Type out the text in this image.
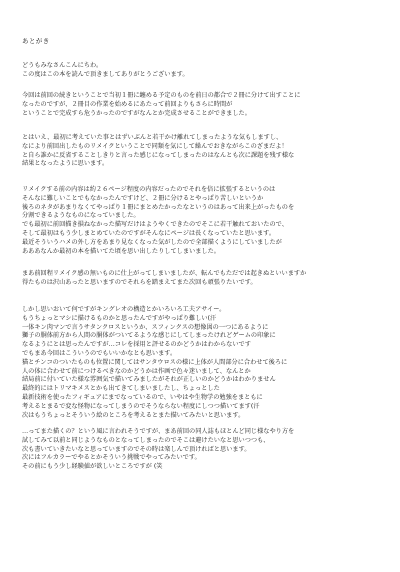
あとがき

どうもみなさんこんにちわ。

この度はこの本を読んで頂きましてありがとうございます。

今回は前回の続きということで当初１冊に纏める予定のものを前日の都合で２冊に分けて出すことに

なったのですが、２冊目の作業を始めるにあたって前回よりもさらに時間が

ということで完成すら危うかったのですがなんとか完成させることができました。

とはいえ、最初に考えていた事とはずいぶんと若干かけ離れてしまったような気もしますし、

なにより前回出したものリメイクということで同類を気にして繰んでおきながらこのざまだよ！

と自ら誰かに反省することしきりと言った感じになってしまったのはなんとも次に課題を残す様な

結果となったように思います。

リメイクする前の内容は約２６ページ程度の内容だったのでそれを倍に拡張するというのは

そんなに難しいことでもなかったんですけど、２冊に分けるとやっぱり苦しいというか

後ろのネタがあまりなくてやっぱり１冊にまとめたかったなというのはあって出来上がったものを

分割できるようなものになっていました。

でも最初に前回描き損ねなかった描写だけはようやくできたのでそこに若干触れておいたので、

そして最初はもう少しまとめていたのですがそんなにページは長くなっていたと思います。

最近そういうハメの外し方をあまり見なくなった気がしたので全部描くようにしていましたが

あああなんか最初の本を描いてた頃を思い出したりしてしまいました。

まあ前回程リメイク感の無いものに仕上がってしまいましたが、転んでもただでは起きぬといいますか

得たものは沢山あったと思いますのでそれらを踏まえてまた次回も頑張りたいです。

しかし思いおいて何ですがキングレオの構造とかいろいろ工夫アサイー。

もうちょっとマシに描けるものかと思ったんですがやっぱり難しい(汗

一体キン肉マンで言うサタンクロスというか、スフィンクスの想像図の一つにあるように

獅子の胴体前方から人間の胴体がついてるような感じにしてしまったけれどゲームの印象に

なるようにとは思ったんですが…コレを採用と評せるのかどうかはわからないです

でもまあ今回はこういうのでもいいかなとも思います。

猫とチンコのついたものも位置に関してはサンタウロスの様に上体が人間部分に合わせて後ろに

人の体に合わせて前につけるべきなのかどうかは作画で色々迷いまして、なんとか

結局前に付いていた様な雰囲気で描いてみましたがそれが正しいのかどうかはわかりません

最終的にはトリマキメスとかも出てきてしまいましたし、ちょっとした

最新技術を使ったフィギュアにまでなっているので、いやはや生物学の勉強をまともに

考えるとまるで変な怪物になってしまうのでそうならない程度にしつつ描いてます(汗

次はもうちょっとそういう絵のところを考えるとまた描いてみたいと思います。

…ってまた描くの？という風に言われそうですが、まあ前回の同人誌もほとんど同じ様なやり方を

試してみて以前と同じようなものとなってしまったのでそこは避けたいなと思いつつも、

次も書いていきたいなと思っていますのでその時は楽しんで頂ければと思います。

次にはフルカラーでやるとかそういう挑戦でやってみたいです。

その前にもう少し経験値が欲しいところですが (笑
